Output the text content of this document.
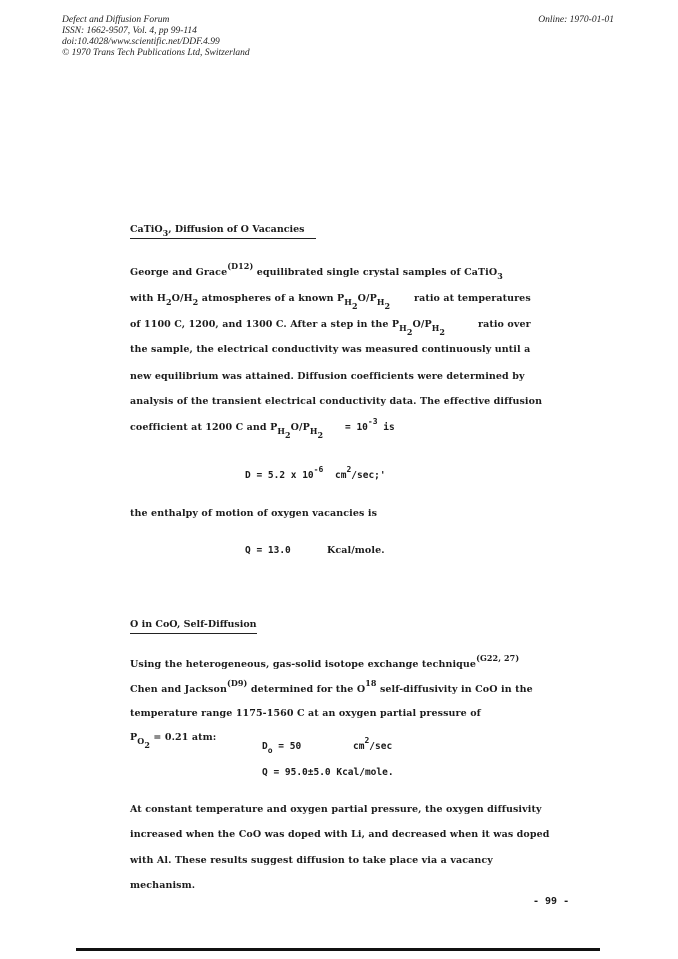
Defect and Diffusion Forum
ISSN: 1662-9507, Vol. 4, pp 99-114
doi:10.4028/www.scientific.net/DDF.4.99
© 1970 Trans Tech Publications Ltd, Switzerland
Online: 1970-01-01
CaTiO$_3$, Diffusion of O Vacancies
George and Grace$^{(D12)}$ equilibrated single crystal samples of CaTiO$_3$
with $H_2O/H_2$ atmospheres of a known $P_{H_2}O/P_{H_2}$
ratio at temperatures
of 1100 C, 1200, and 1300 C. After a step in the $P_{H_2}O/P_{H_2}$
ratio over
the sample, the electrical conductivity was measured continuously until a
new equilibrium was attained. Diffusion coefficients were determined by
analysis of the transient electrical conductivity data. The effective diffusion
coefficient at 1200 C and $P_{H_2}O/P_{H_2}$
= $10^{-3}$ is
D = 5.2 x $10^{-6}$
$cm^2/\sec;'$
the enthalpy of motion of oxygen vacancies is
Q = 13.0	Kcal/mole.
O in CoO, Self-Diffusion
Using the heterogeneous, gas-solid isotope exchange technique$^{(G22, 27)}$
Chen and Jackson$^{(D9)}$ determined for the $O^{18}$ self-diffusivity in CoO in the
temperature range 1175-1560 C at an oxygen partial pressure of
$P_{O_2} = 0.21$ atm:
$D_o = 50$	$cm^2/\sec$
Q = 95.0±5.0 Kcal/mole.
At constant temperature and oxygen partial pressure, the oxygen diffusivity
increased when the CoO was doped with Li, and decreased when it was doped
with Al. These results suggest diffusion to take place via a vacancy
mechanism.
- 99 -
